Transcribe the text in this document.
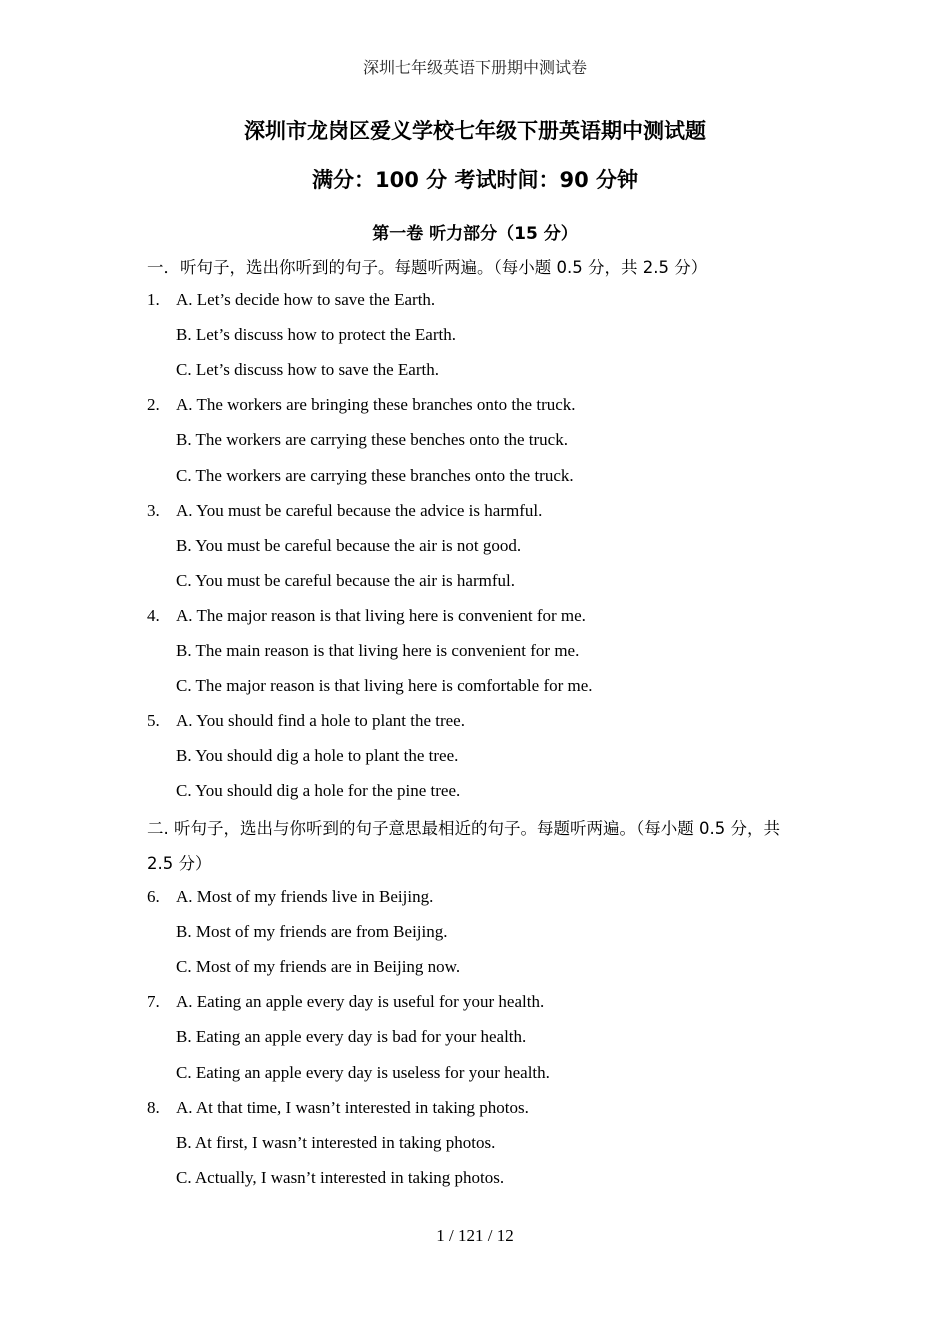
深圳七年级英语下册期中测试卷
深圳市龙岗区爱义学校七年级下册英语期中测试题
满分：100 分 考试时间：90 分钟
第一卷 听力部分（15 分）
一．听句子，选出你听到的句子。每题听两遍。（每小题 0.5 分，共 2.5 分）
1. A. Let’s decide how to save the Earth.
B. Let’s discuss how to protect the Earth.
C. Let’s discuss how to save the Earth.
2. A. The workers are bringing these branches onto the truck.
B. The workers are carrying these benches onto the truck.
C. The workers are carrying these branches onto the truck.
3. A. You must be careful because the advice is harmful.
B. You must be careful because the air is not good.
C. You must be careful because the air is harmful.
4. A. The major reason is that living here is convenient for me.
B. The main reason is that living here is convenient for me.
C. The major reason is that living here is comfortable for me.
5. A. You should find a hole to plant the tree.
B. You should dig a hole to plant the tree.
C. You should dig a hole for the pine tree.
二. 听句子，选出与你听到的句子意思最相近的句子。每题听两遍。（每小题 0.5 分，共 2.5 分）
6. A. Most of my friends live in Beijing.
B. Most of my friends are from Beijing.
C. Most of my friends are in Beijing now.
7. A. Eating an apple every day is useful for your health.
B. Eating an apple every day is bad for your health.
C. Eating an apple every day is useless for your health.
8. A. At that time, I wasn’t interested in taking photos.
B. At first, I wasn’t interested in taking photos.
C. Actually, I wasn’t interested in taking photos.
1 / 121 / 12
